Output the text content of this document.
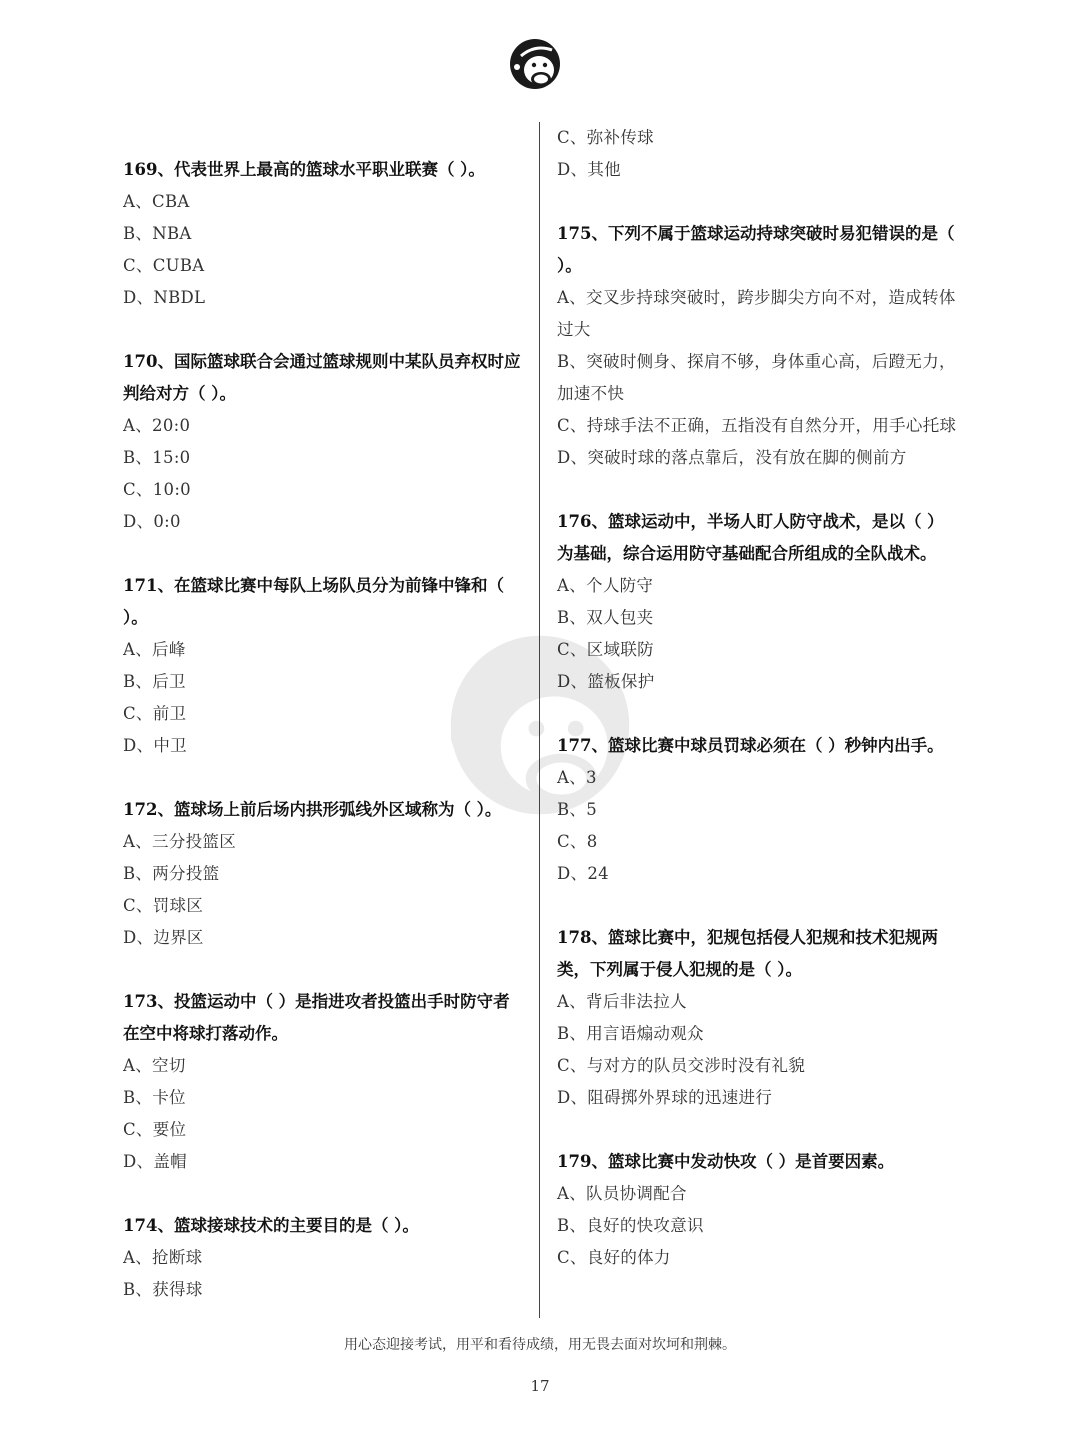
169、代表世界上最高的篮球水平职业联赛（ ）。

A、CBA

B、NBA

C、CUBA

D、NBDL

170、国际篮球联合会通过篮球规则中某队员弃权时应判给对方（ ）。

A、20:0

B、15:0

C、10:0

D、0:0

171、在篮球比赛中每队上场队员分为前锋中锋和（ ）。

A、后峰

B、后卫

C、前卫

D、中卫

172、篮球场上前后场内拱形弧线外区域称为（ ）。

A、三分投篮区

B、两分投篮

C、罚球区

D、边界区

173、投篮运动中（ ）是指进攻者投篮出手时防守者在空中将球打落动作。

A、空切

B、卡位

C、要位

D、盖帽

174、篮球接球技术的主要目的是（ ）。

A、抢断球

B、获得球

C、弥补传球

D、其他

175、下列不属于篮球运动持球突破时易犯错误的是（ ）。

A、交叉步持球突破时，跨步脚尖方向不对，造成转体过大

B、突破时侧身、探肩不够，身体重心高，后蹬无力，加速不快

C、持球手法不正确，五指没有自然分开，用手心托球

D、突破时球的落点靠后，没有放在脚的侧前方

176、篮球运动中，半场人盯人防守战术，是以（ ）为基础，综合运用防守基础配合所组成的全队战术。

A、个人防守

B、双人包夹

C、区域联防

D、篮板保护

177、篮球比赛中球员罚球必须在（ ）秒钟内出手。

A、3

B、5

C、8

D、24

178、篮球比赛中，犯规包括侵人犯规和技术犯规两类，下列属于侵人犯规的是（ ）。

A、背后非法拉人

B、用言语煽动观众

C、与对方的队员交涉时没有礼貌

D、阻碍掷外界球的迅速进行

179、篮球比赛中发动快攻（ ）是首要因素。

A、队员协调配合

B、良好的快攻意识

C、良好的体力

用心态迎接考试，用平和看待成绩，用无畏去面对坎坷和荆棘。
17
